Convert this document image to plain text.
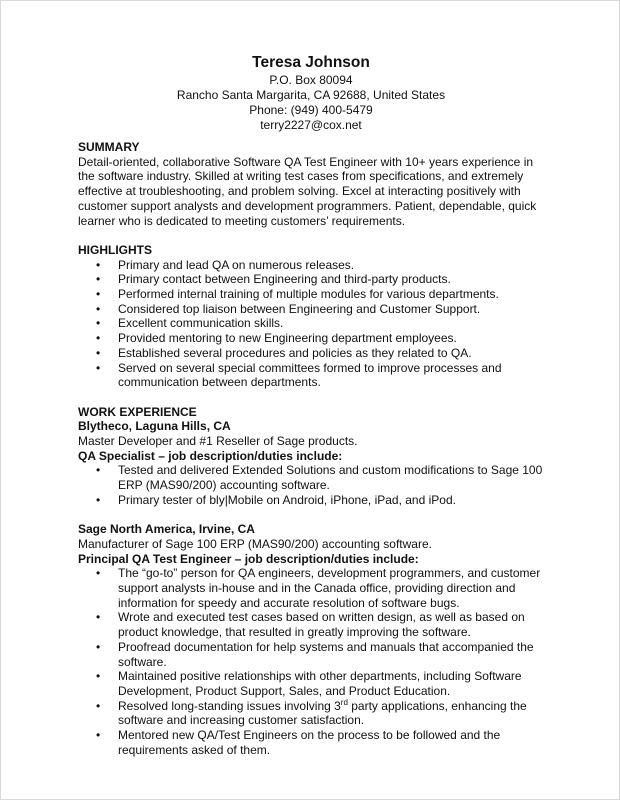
Teresa Johnson
P.O. Box 80094
Rancho Santa Margarita, CA 92688, United States
Phone: (949) 400-5479
terry2227@cox.net
SUMMARY
Detail-oriented, collaborative Software QA Test Engineer with 10+ years experience in
the software industry. Skilled at writing test cases from specifications, and extremely
effective at troubleshooting, and problem solving. Excel at interacting positively with
customer support analysts and development programmers. Patient, dependable, quick
learner who is dedicated to meeting customers’ requirements.
HIGHLIGHTS
• Primary and lead QA on numerous releases.
• Primary contact between Engineering and third-party products.
• Performed internal training of multiple modules for various departments.
• Considered top liaison between Engineering and Customer Support.
• Excellent communication skills.
• Provided mentoring to new Engineering department employees.
• Established several procedures and policies as they related to QA.
• Served on several special committees formed to improve processes and
communication between departments.
WORK EXPERIENCE
Blytheco, Laguna Hills, CA
Master Developer and #1 Reseller of Sage products.
QA Specialist – job description/duties include:
• Tested and delivered Extended Solutions and custom modifications to Sage 100
ERP (MAS90/200) accounting software.
• Primary tester of bly|Mobile on Android, iPhone, iPad, and iPod.
Sage North America, Irvine, CA
Manufacturer of Sage 100 ERP (MAS90/200) accounting software.
Principal QA Test Engineer – job description/duties include:
• The “go-to” person for QA engineers, development programmers, and customer
support analysts in-house and in the Canada office, providing direction and
information for speedy and accurate resolution of software bugs.
• Wrote and executed test cases based on written design, as well as based on
product knowledge, that resulted in greatly improving the software.
• Proofread documentation for help systems and manuals that accompanied the
software.
• Maintained positive relationships with other departments, including Software
Development, Product Support, Sales, and Product Education.
• Resolved long-standing issues involving 3rd party applications, enhancing the
software and increasing customer satisfaction.
• Mentored new QA/Test Engineers on the process to be followed and the
requirements asked of them.
